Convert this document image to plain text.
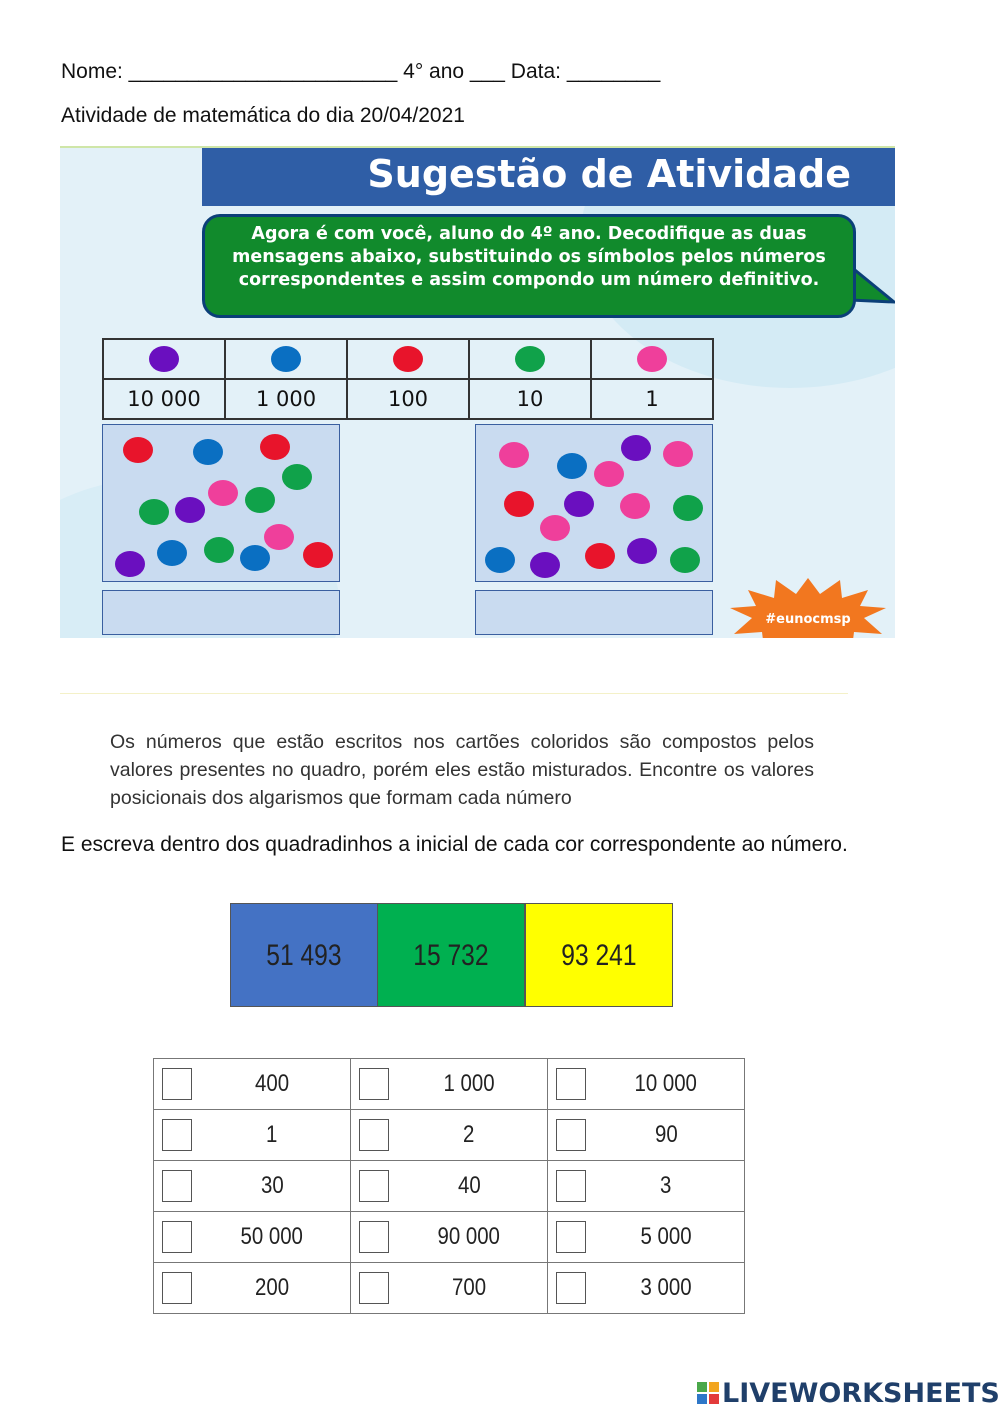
Nome: _______________________ 4° ano ___ Data: ________
Atividade de matemática do dia 20/04/2021
Sugestão de Atividade
Agora é com você, aluno do 4º ano. Decodifique as duas mensagens abaixo, substituindo os símbolos pelos números correspondentes e assim compondo um número definitivo.

10 000	1 000	100	10	1
#eunocmsp
Os números que estão escritos nos cartões coloridos são compostos pelos valores presentes no quadro, porém eles estão misturados. Encontre os valores posicionais dos algarismos que formam cada número
E escreva dentro dos quadradinhos a inicial de cada cor correspondente ao número.
51 493	15 732	93 241
400	1 000	10 000

1	2	90

30	40	3

50 000	90 000	5 000

200	700	3 000
LIVEWORKSHEETS
